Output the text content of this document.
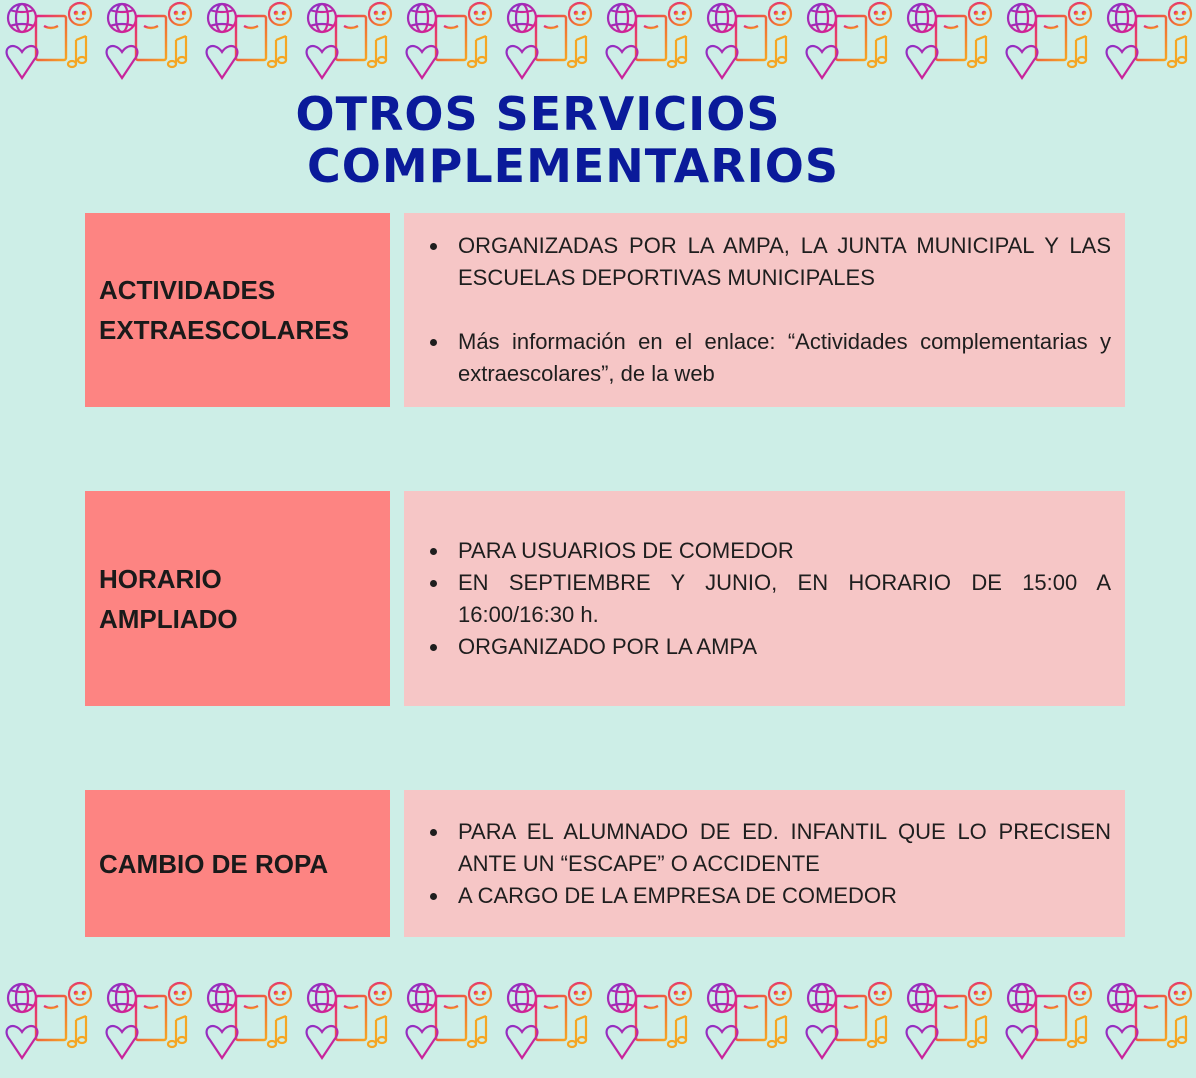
OTROS SERVICIOS
COMPLEMENTARIOS
ACTIVIDADES
EXTRAESCOLARES
ORGANIZADAS POR LA AMPA, LA JUNTA MUNICIPAL Y LAS ESCUELAS DEPORTIVAS MUNICIPALES
Más información en el enlace: “Actividades complementarias y extraescolares”, de la web
HORARIO
AMPLIADO
PARA USUARIOS DE COMEDOR
EN SEPTIEMBRE Y JUNIO, EN HORARIO DE 15:00 A 16:00/16:30 h.
ORGANIZADO POR LA AMPA
CAMBIO DE ROPA
PARA EL ALUMNADO DE ED. INFANTIL QUE LO PRECISEN ANTE UN “ESCAPE” O ACCIDENTE
A CARGO DE LA EMPRESA DE COMEDOR
